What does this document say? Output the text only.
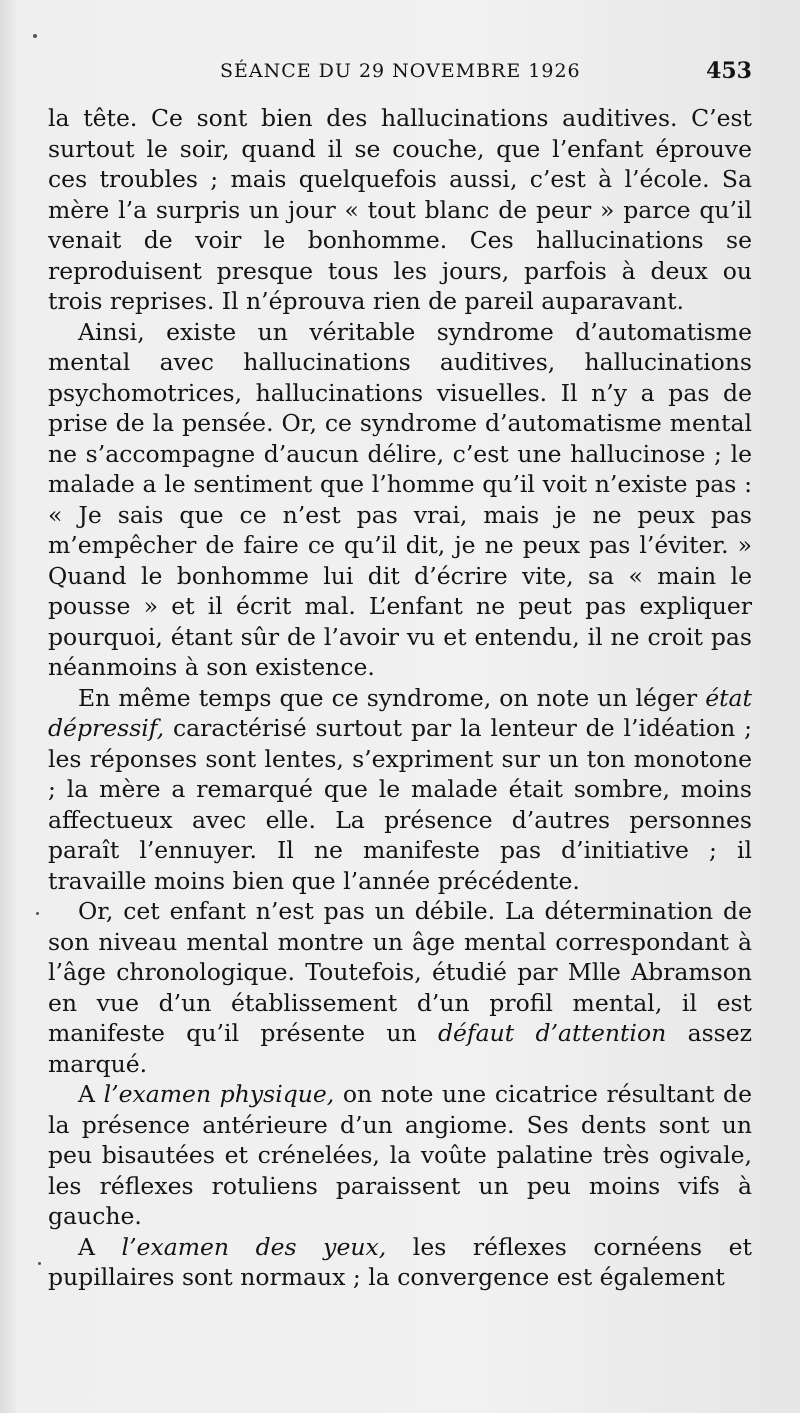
SÉANCE DU 29 NOVEMBRE 1926	453

la tête. Ce sont bien des hallucinations auditives. C’est surtout le soir, quand il se couche, que l’enfant éprouve ces troubles ; mais quelquefois aussi, c’est à l’école. Sa mère l’a surpris un jour « tout blanc de peur » parce qu’il venait de voir le bonhomme. Ces hallucinations se reproduisent presque tous les jours, parfois à deux ou trois reprises. Il n’éprouva rien de pareil auparavant.

Ainsi, existe un véritable syndrome d’automatisme mental avec hallucinations auditives, hallucinations psychomotrices, hallucinations visuelles. Il n’y a pas de prise de la pensée. Or, ce syndrome d’automatisme mental ne s’accompagne d’aucun délire, c’est une hallucinose ; le malade a le sentiment que l’homme qu’il voit n’existe pas : « Je sais que ce n’est pas vrai, mais je ne peux pas m’empêcher de faire ce qu’il dit, je ne peux pas l’éviter. » Quand le bonhomme lui dit d’écrire vite, sa « main le pousse » et il écrit mal. L’enfant ne peut pas expliquer pourquoi, étant sûr de l’avoir vu et entendu, il ne croit pas néanmoins à son existence.

En même temps que ce syndrome, on note un léger état dépressif, caractérisé surtout par la lenteur de l’idéation ; les réponses sont lentes, s’expriment sur un ton monotone ; la mère a remarqué que le malade était sombre, moins affectueux avec elle. La présence d’autres personnes paraît l’ennuyer. Il ne manifeste pas d’initiative ; il travaille moins bien que l’année précédente.

Or, cet enfant n’est pas un débile. La détermination de son niveau mental montre un âge mental correspondant à l’âge chronologique. Toutefois, étudié par Mlle Abramson en vue d’un établissement d’un profil mental, il est manifeste qu’il présente un défaut d’attention assez marqué.

A l’examen physique, on note une cicatrice résultant de la présence antérieure d’un angiome. Ses dents sont un peu bisautées et crénelées, la voûte palatine très ogivale, les réflexes rotuliens paraissent un peu moins vifs à gauche.

A l’examen des yeux, les réflexes cornéens et pupillaires sont normaux ; la convergence est également
